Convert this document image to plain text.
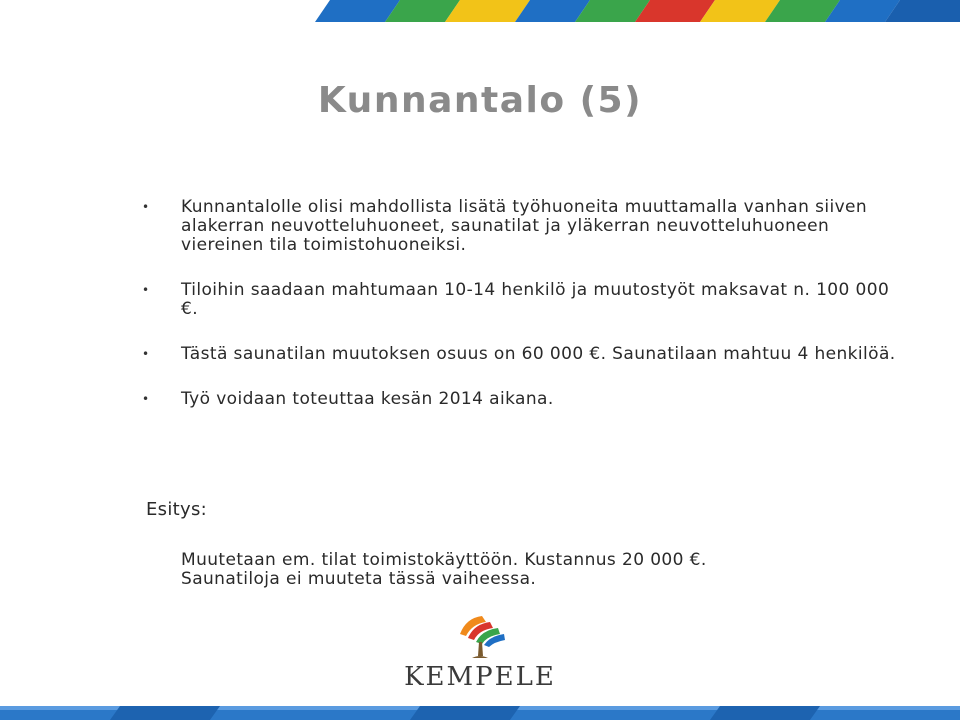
Kunnantalo (5)
• Kunnantalolle olisi mahdollista lisätä työhuoneita muuttamalla vanhan siiven alakerran neuvotteluhuoneet, saunatilat ja yläkerran neuvotteluhuoneen viereinen tila toimistohuoneiksi.
• Tiloihin saadaan mahtumaan 10-14 henkilö ja muutostyöt maksavat n. 100 000 €.
• Tästä saunatilan muutoksen osuus on 60 000 €. Saunatilaan mahtuu 4 henkilöä.
• Työ voidaan toteuttaa kesän 2014 aikana.
Esitys:
Muutetaan em. tilat toimistokäyttöön. Kustannus 20 000 €.
Saunatiloja ei muuteta tässä vaiheessa.
KEMPELE
